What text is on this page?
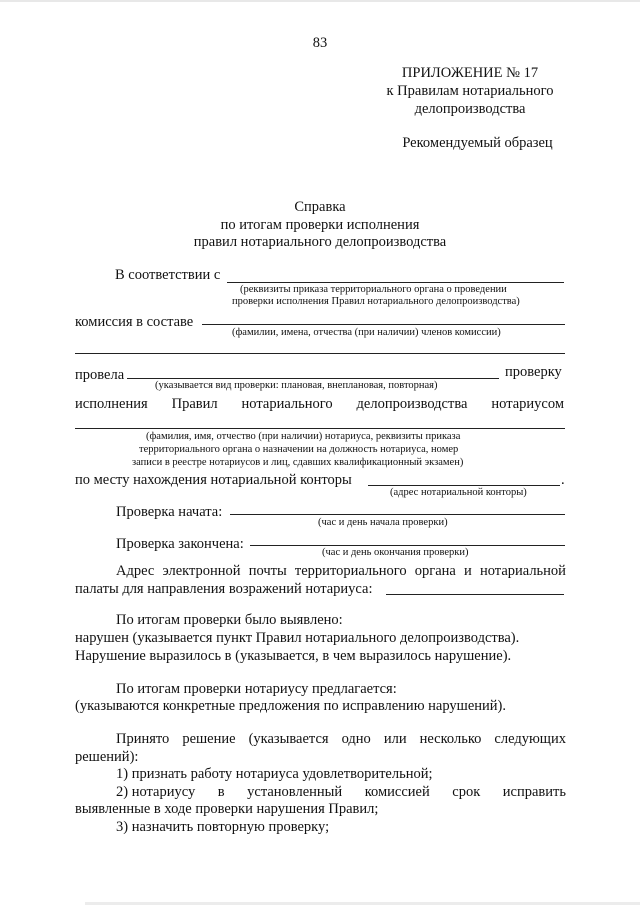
83
ПРИЛОЖЕНИЕ № 17
к Правилам нотариального
делопроизводства
Рекомендуемый образец
Справка
по итогам проверки исполнения
правил нотариального делопроизводства
В соответствии с
(реквизиты приказа территориального органа о проведении
проверки исполнения Правил нотариального делопроизводства)
комиссия в составе
(фамилии, имена, отчества (при наличии) членов комиссии)
провела	проверку
(указывается вид проверки: плановая, внеплановая, повторная)
исполнения Правил нотариального делопроизводства нотариусом
(фамилия, имя, отчество (при наличии) нотариуса, реквизиты приказа
территориального органа о назначении на должность нотариуса, номер
записи в реестре нотариусов и лиц, сдавших квалификационный экзамен)
по месту нахождения нотариальной конторы	.
(адрес нотариальной конторы)
Проверка начата:
(час и день начала проверки)
Проверка закончена:
(час и день окончания проверки)
Адрес электронной почты территориального органа и нотариальной
палаты для направления возражений нотариуса:
По итогам проверки было выявлено:
нарушен (указывается пункт Правил нотариального делопроизводства).
Нарушение выразилось в (указывается, в чем выразилось нарушение).
По итогам проверки нотариусу предлагается:
(указываются конкретные предложения по исправлению нарушений).
Принято решение (указывается одно или несколько следующих
решений):
1) признать работу нотариуса удовлетворительной;
2) нотариусу в установленный комиссией срок исправить
выявленные в ходе проверки нарушения Правил;
3) назначить повторную проверку;
